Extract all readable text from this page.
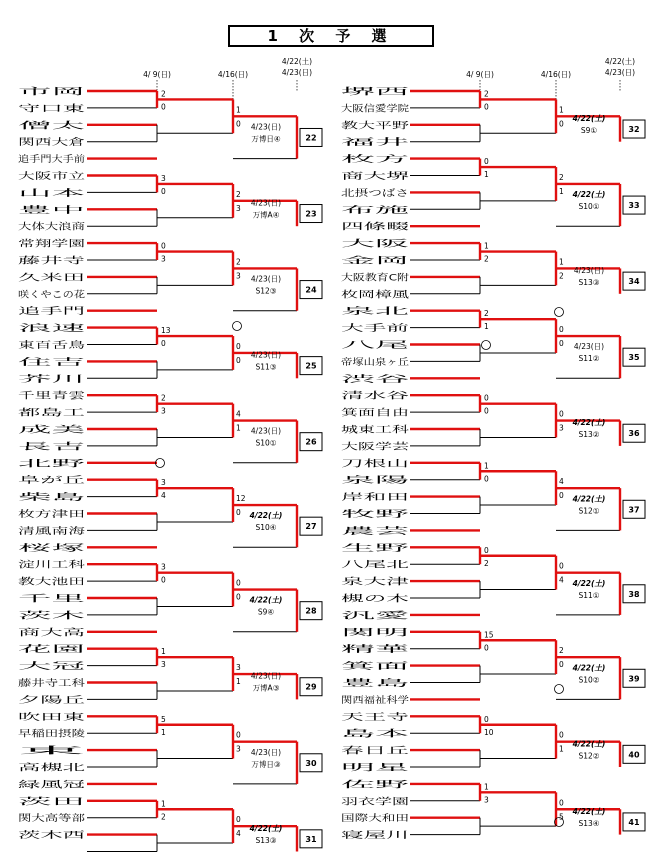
1 次 予 選
4/ 9(日)	4/16(日)
4/22(土)
4/23(日)	4/ 9(日)	4/16(日)
4/22(土)
4/23(日)
市岡
守口東
僧太
関西大倉
追手門大手前
大阪市立
山本
豊中
大体大浪商
常翔学園
藤井寺
久米田
咲くやこの花
追手門
浪速
東百舌鳥
住吉
芥川
千里青雲
都島工
成美
長吉
北野
阜が丘
柴島
枚方津田
清風南海
桜塚
淀川工科
教大池田
千里
茨木
商大高
花園
大冠
藤井寺工科
夕陽丘
吹田東
早稲田摂陵
東
高槻北
緑風冠
茨田
関大高等部
茨木西
堺西
大阪信愛学院
教大平野
福井
枚方
商大堺
北摂つばさ
布施
四條畷
大阪
金岡
大阪教育C附
枚岡樟風
泉北
大手前
八尾
帝塚山泉ヶ丘
渋谷
清水谷
箕面自由
城東工科
大阪学芸
刀根山
泉陽
岸和田
牧野
農芸
生野
八尾北
泉大津
槻の木
汎愛
関明
精華
箕面
豊島
関西福祉科学
天王寺
島本
春日丘
明星
佐野
羽衣学園
国際大和田
寝屋川
22
4/23(日)
万博日④
2
0	1
0
23
4/23(日)
万博A④
3
0	2
3
24
4/23(日)
S12③
0
3	2
3
25
4/23(日)
S11③
13
0	0
0
26
4/23(日)
S10①
2
3	4
1
27
4/22(土)
S10④
3
4	12
0
28
4/22(土)
S9④
3
0	0
0
29
4/23(日)
万博A③
1
3	3
1
30
4/23(日)
万博日③
5
1	0
3
31
4/22(土)
S13③
1
2	0
4
32
4/22(土)
S9①
2
0	1
0
33
4/22(土)
S10①
0
1	2
1
34
4/23(日)
S13③
1
2	1
2
35
4/23(日)
S11②
2
1	0
0
36
4/22(土)
S13②
0
0	0
3
37
4/22(土)
S12①
1
0	4
0
38
4/22(土)
S11①
0
2	0
4
39
4/22(土)
S10②
15
0	2
0
40
4/22(土)
S12②
0
10	0
1
41
4/22(土)
S13④
1
3	0
5
